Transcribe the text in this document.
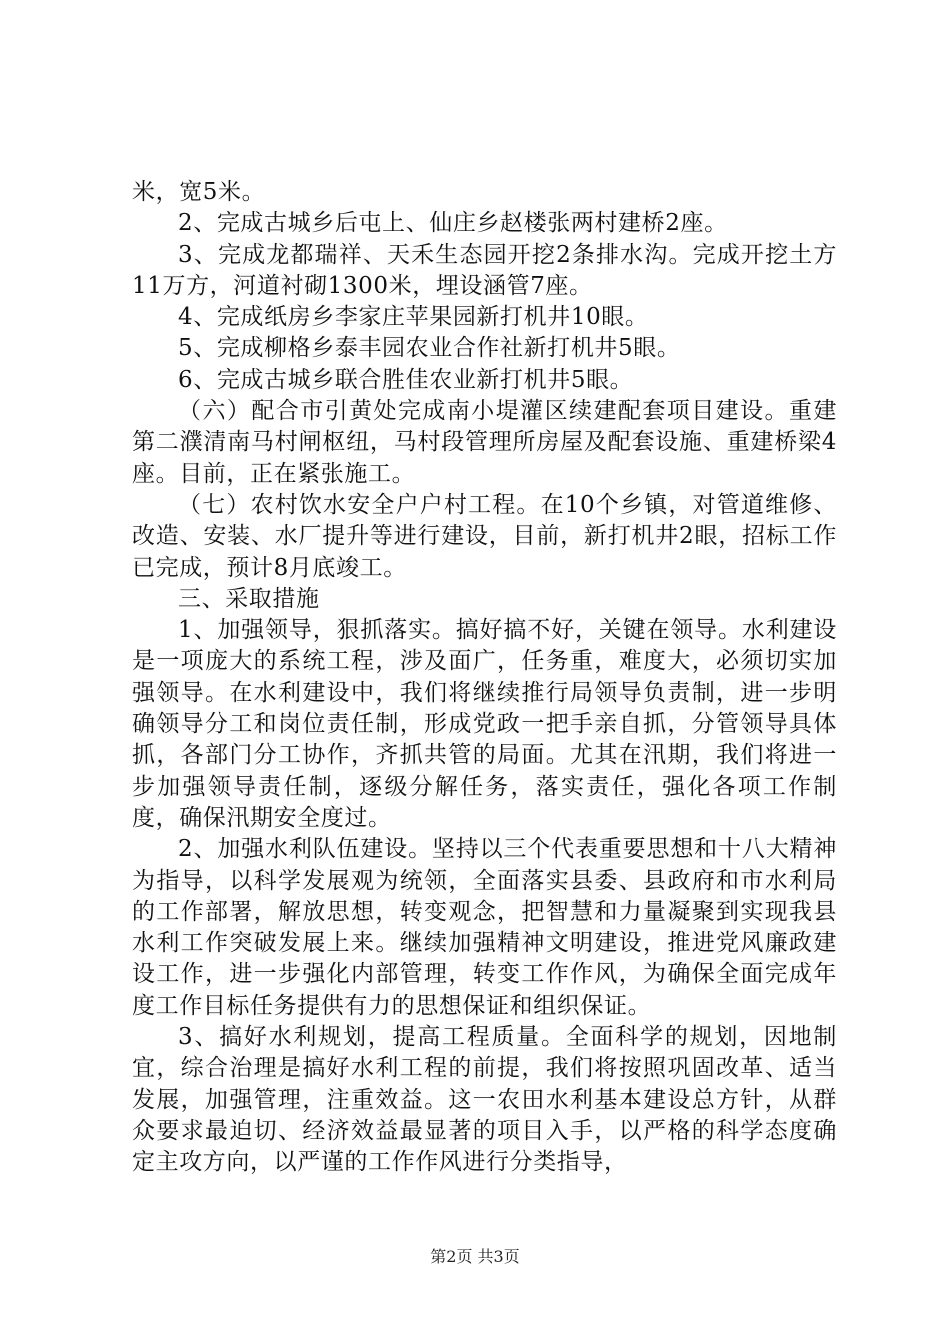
米，宽5米。

2、完成古城乡后屯上、仙庄乡赵楼张两村建桥2座。

3、完成龙都瑞祥、天禾生态园开挖2条排水沟。完成开挖土方11万方，河道衬砌1300米，埋设涵管7座。

4、完成纸房乡李家庄苹果园新打机井10眼。

5、完成柳格乡泰丰园农业合作社新打机井5眼。

6、完成古城乡联合胜佳农业新打机井5眼。

（六）配合市引黄处完成南小堤灌区续建配套项目建设。重建第二濮清南马村闸枢纽，马村段管理所房屋及配套设施、重建桥梁4座。目前，正在紧张施工。

（七）农村饮水安全户户村工程。在10个乡镇，对管道维修、改造、安装、水厂提升等进行建设，目前，新打机井2眼，招标工作已完成，预计8月底竣工。

三、采取措施

1、加强领导，狠抓落实。搞好搞不好，关键在领导。水利建设是一项庞大的系统工程，涉及面广，任务重，难度大，必须切实加强领导。在水利建设中，我们将继续推行局领导负责制，进一步明确领导分工和岗位责任制，形成党政一把手亲自抓，分管领导具体抓，各部门分工协作，齐抓共管的局面。尤其在汛期，我们将进一步加强领导责任制，逐级分解任务，落实责任，强化各项工作制度，确保汛期安全度过。

2、加强水利队伍建设。坚持以三个代表重要思想和十八大精神为指导，以科学发展观为统领，全面落实县委、县政府和市水利局的工作部署，解放思想，转变观念，把智慧和力量凝聚到实现我县水利工作突破发展上来。继续加强精神文明建设，推进党风廉政建设工作，进一步强化内部管理，转变工作作风，为确保全面完成年度工作目标任务提供有力的思想保证和组织保证。

3、搞好水利规划，提高工程质量。全面科学的规划，因地制宜，综合治理是搞好水利工程的前提，我们将按照巩固改革、适当发展，加强管理，注重效益。这一农田水利基本建设总方针，从群众要求最迫切、经济效益最显著的项目入手，以严格的科学态度确定主攻方向，以严谨的工作作风进行分类指导，

第2页 共3页
